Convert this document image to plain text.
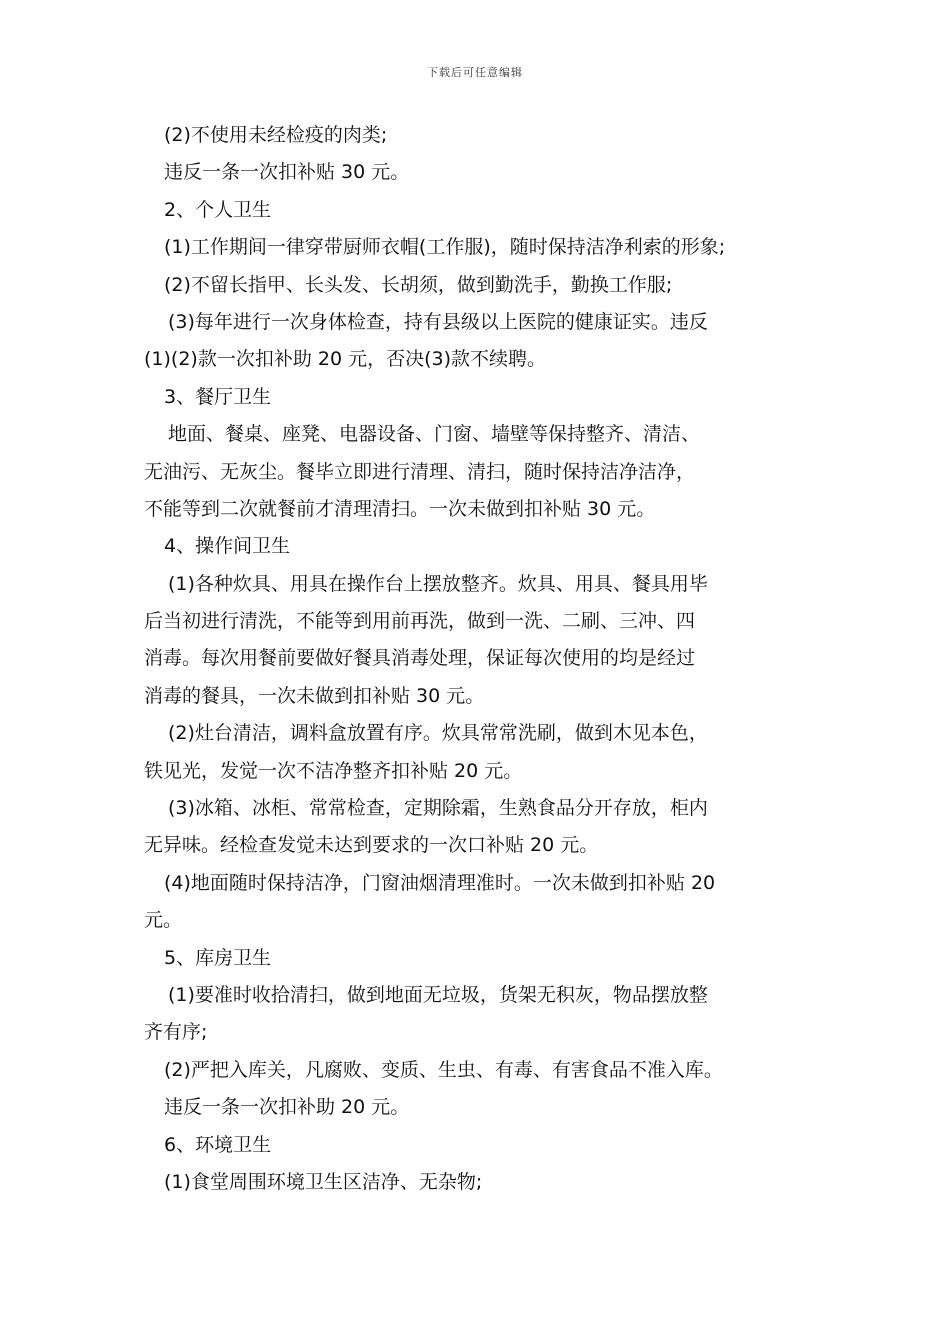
下载后可任意编辑
(2)不使用未经检疫的肉类;
违反一条一次扣补贴 30 元。
2、个人卫生
(1)工作期间一律穿带厨师衣帽(工作服)，随时保持洁净利索的形象;
(2)不留长指甲、长头发、长胡须，做到勤洗手，勤换工作服;
(3)每年进行一次身体检查，持有县级以上医院的健康证实。违反
(1)(2)款一次扣补助 20 元，否决(3)款不续聘。
3、餐厅卫生
地面、餐桌、座凳、电器设备、门窗、墙壁等保持整齐、清洁、
无油污、无灰尘。餐毕立即进行清理、清扫，随时保持洁净洁净，
不能等到二次就餐前才清理清扫。一次未做到扣补贴 30 元。
4、操作间卫生
(1)各种炊具、用具在操作台上摆放整齐。炊具、用具、餐具用毕
后当初进行清洗，不能等到用前再洗，做到一洗、二刷、三冲、四
消毒。每次用餐前要做好餐具消毒处理，保证每次使用的均是经过
消毒的餐具，一次未做到扣补贴 30 元。
(2)灶台清洁，调料盒放置有序。炊具常常洗刷，做到木见本色，
铁见光，发觉一次不洁净整齐扣补贴 20 元。
(3)冰箱、冰柜、常常检查，定期除霜，生熟食品分开存放，柜内
无异味。经检查发觉未达到要求的一次口补贴 20 元。
(4)地面随时保持洁净，门窗油烟清理准时。一次未做到扣补贴 20
元。
5、库房卫生
(1)要准时收拾清扫，做到地面无垃圾，货架无积灰，物品摆放整
齐有序;
(2)严把入库关，凡腐败、变质、生虫、有毒、有害食品不准入库。
违反一条一次扣补助 20 元。
6、环境卫生
(1)食堂周围环境卫生区洁净、无杂物;
